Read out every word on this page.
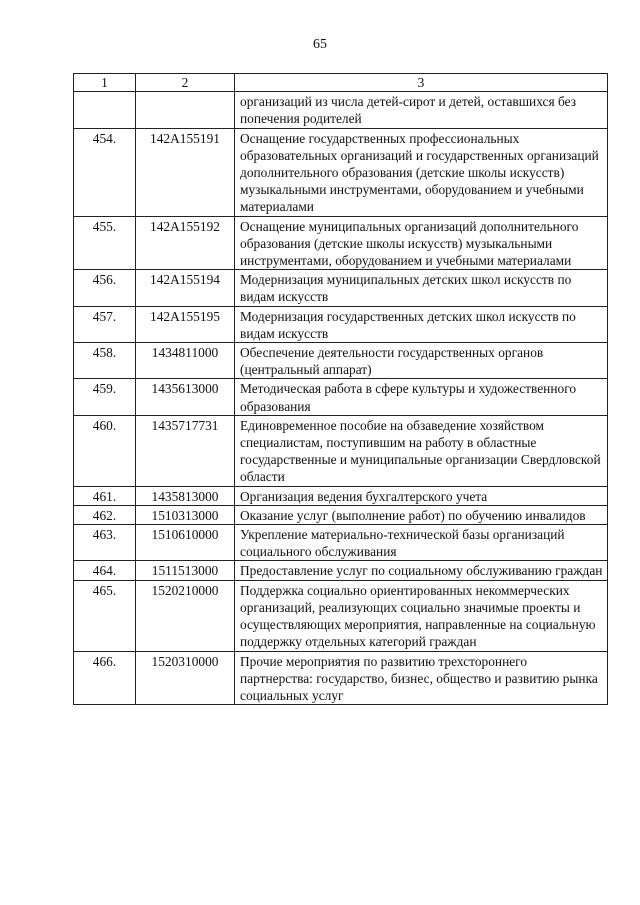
65
1	2	3
		организаций из числа детей-сирот и детей, оставшихся без попечения родителей
454.	142A155191	Оснащение государственных профессиональных образовательных организаций и государственных организаций дополнительного образования (детские школы искусств) музыкальными инструментами, оборудованием и учебными материалами
455.	142A155192	Оснащение муниципальных организаций дополнительного образования (детские школы искусств) музыкальными инструментами, оборудованием и учебными материалами
456.	142A155194	Модернизация муниципальных детских школ искусств по видам искусств
457.	142A155195	Модернизация государственных детских школ искусств по видам искусств
458.	1434811000	Обеспечение деятельности государственных органов (центральный аппарат)
459.	1435613000	Методическая работа в сфере культуры и художественного образования
460.	1435717731	Единовременное пособие на обзаведение хозяйством специалистам, поступившим на работу в областные государственные и муниципальные организации Свердловской области
461.	1435813000	Организация ведения бухгалтерского учета
462.	1510313000	Оказание услуг (выполнение работ) по обучению инвалидов
463.	1510610000	Укрепление материально-технической базы организаций социального обслуживания
464.	1511513000	Предоставление услуг по социальному обслуживанию граждан
465.	1520210000	Поддержка социально ориентированных некоммерческих организаций, реализующих социально значимые проекты и осуществляющих мероприятия, направленные на социальную поддержку отдельных категорий граждан
466.	1520310000	Прочие мероприятия по развитию трехстороннего партнерства: государство, бизнес, общество и развитию рынка социальных услуг
